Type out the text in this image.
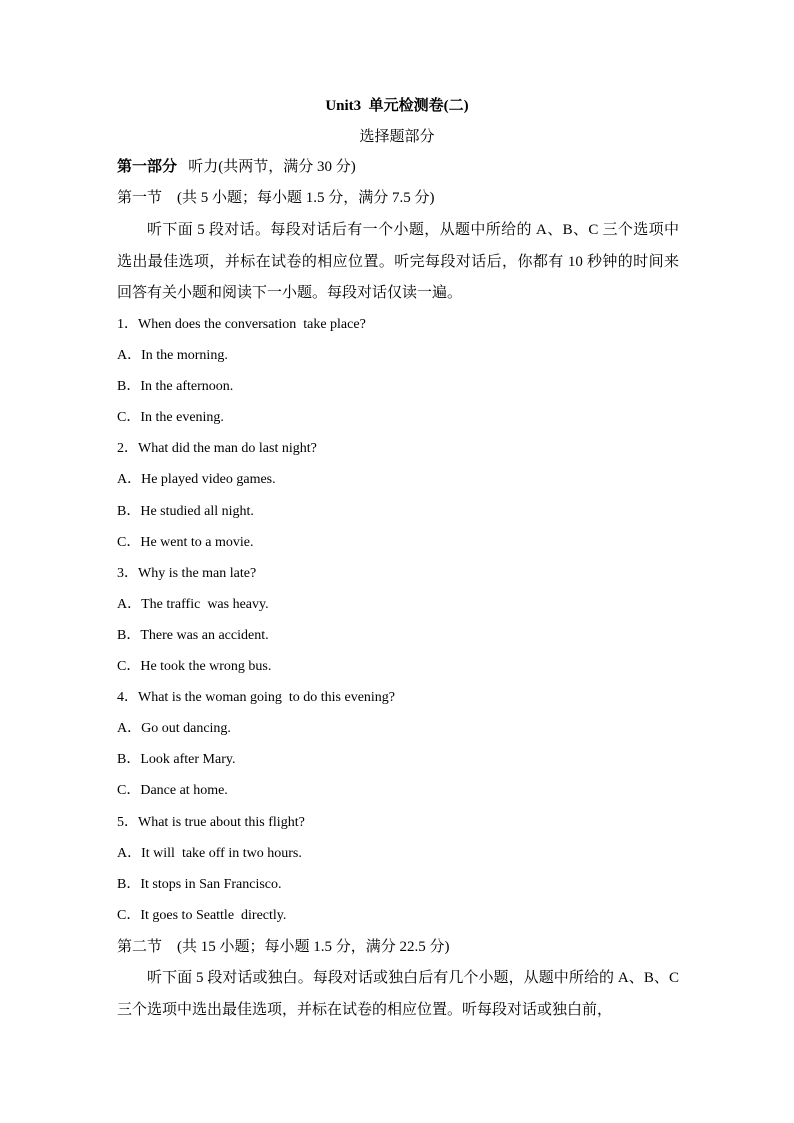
Unit3  单元检测卷(二)
选择题部分
第一部分   听力(共两节，满分 30 分)
第一节　(共 5 小题；每小题 1.5 分，满分 7.5 分)
听下面 5 段对话。每段对话后有一个小题，从题中所给的 A、B、C 三个选项中选出最佳选项，并标在试卷的相应位置。听完每段对话后，你都有 10 秒钟的时间来回答有关小题和阅读下一小题。每段对话仅读一遍。
1．When does the conversation  take place?
A．In the morning.
B．In the afternoon.
C．In the evening.
2．What did the man do last night?
A．He played video games.
B．He studied all night.
C．He went to a movie.
3．Why is the man late?
A．The traffic  was heavy.
B．There was an accident.
C．He took the wrong bus.
4．What is the woman going  to do this evening?
A．Go out dancing.
B．Look after Mary.
C．Dance at home.
5．What is true about this flight?
A．It will  take off in two hours.
B．It stops in San Francisco.
C．It goes to Seattle  directly.
第二节　(共 15 小题；每小题 1.5 分，满分 22.5 分)
听下面 5 段对话或独白。每段对话或独白后有几个小题，从题中所给的 A、B、C 三个选项中选出最佳选项，并标在试卷的相应位置。听每段对话或独白前，
